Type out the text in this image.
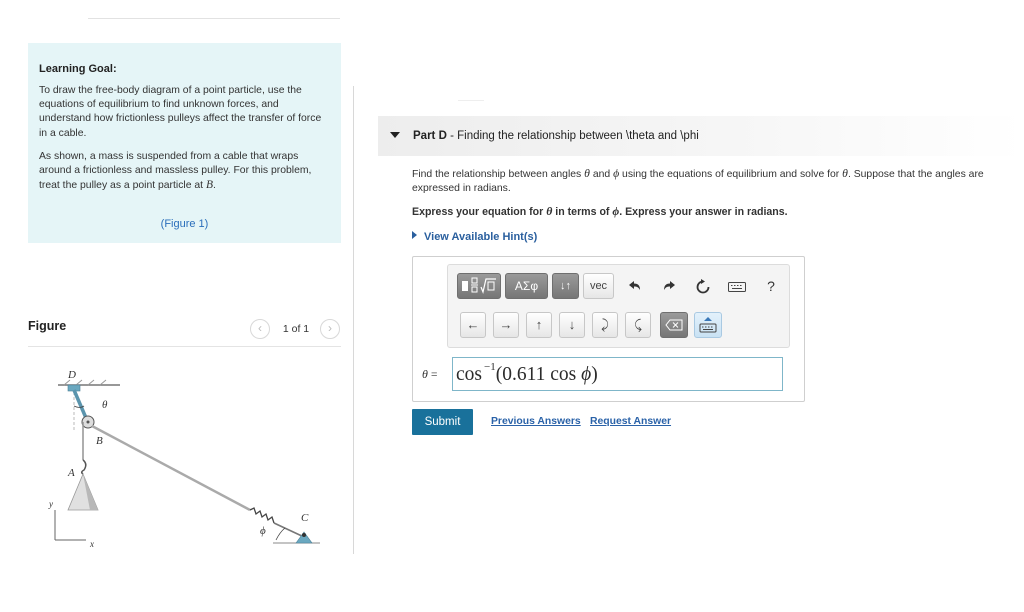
Learning Goal:

To draw the free-body diagram of a point particle, use the equations of equilibrium to find unknown forces, and understand how frictionless pulleys affect the transfer of force in a cable.

As shown, a mass is suspended from a cable that wraps around a frictionless and massless pulley. For this problem, treat the pulley as a point particle at B.

(Figure 1)
Figure	‹	1 of 1	›
D
θ
B
A
C
ϕ
y
x
Part D - Finding the relationship between \theta and \phi
Find the relationship between angles θ and ϕ using the equations of equilibrium and solve for θ. Suppose that the angles are expressed in radians.
Express your equation for θ in terms of ϕ. Express your answer in radians.
View Available Hint(s)
ΑΣφ	↓↑	vec	?
←	→	↑	↓	⤸	⤹
θ = cos $^{-1}$(0.611 cos ϕ)
Submit	Previous Answers Request Answer
